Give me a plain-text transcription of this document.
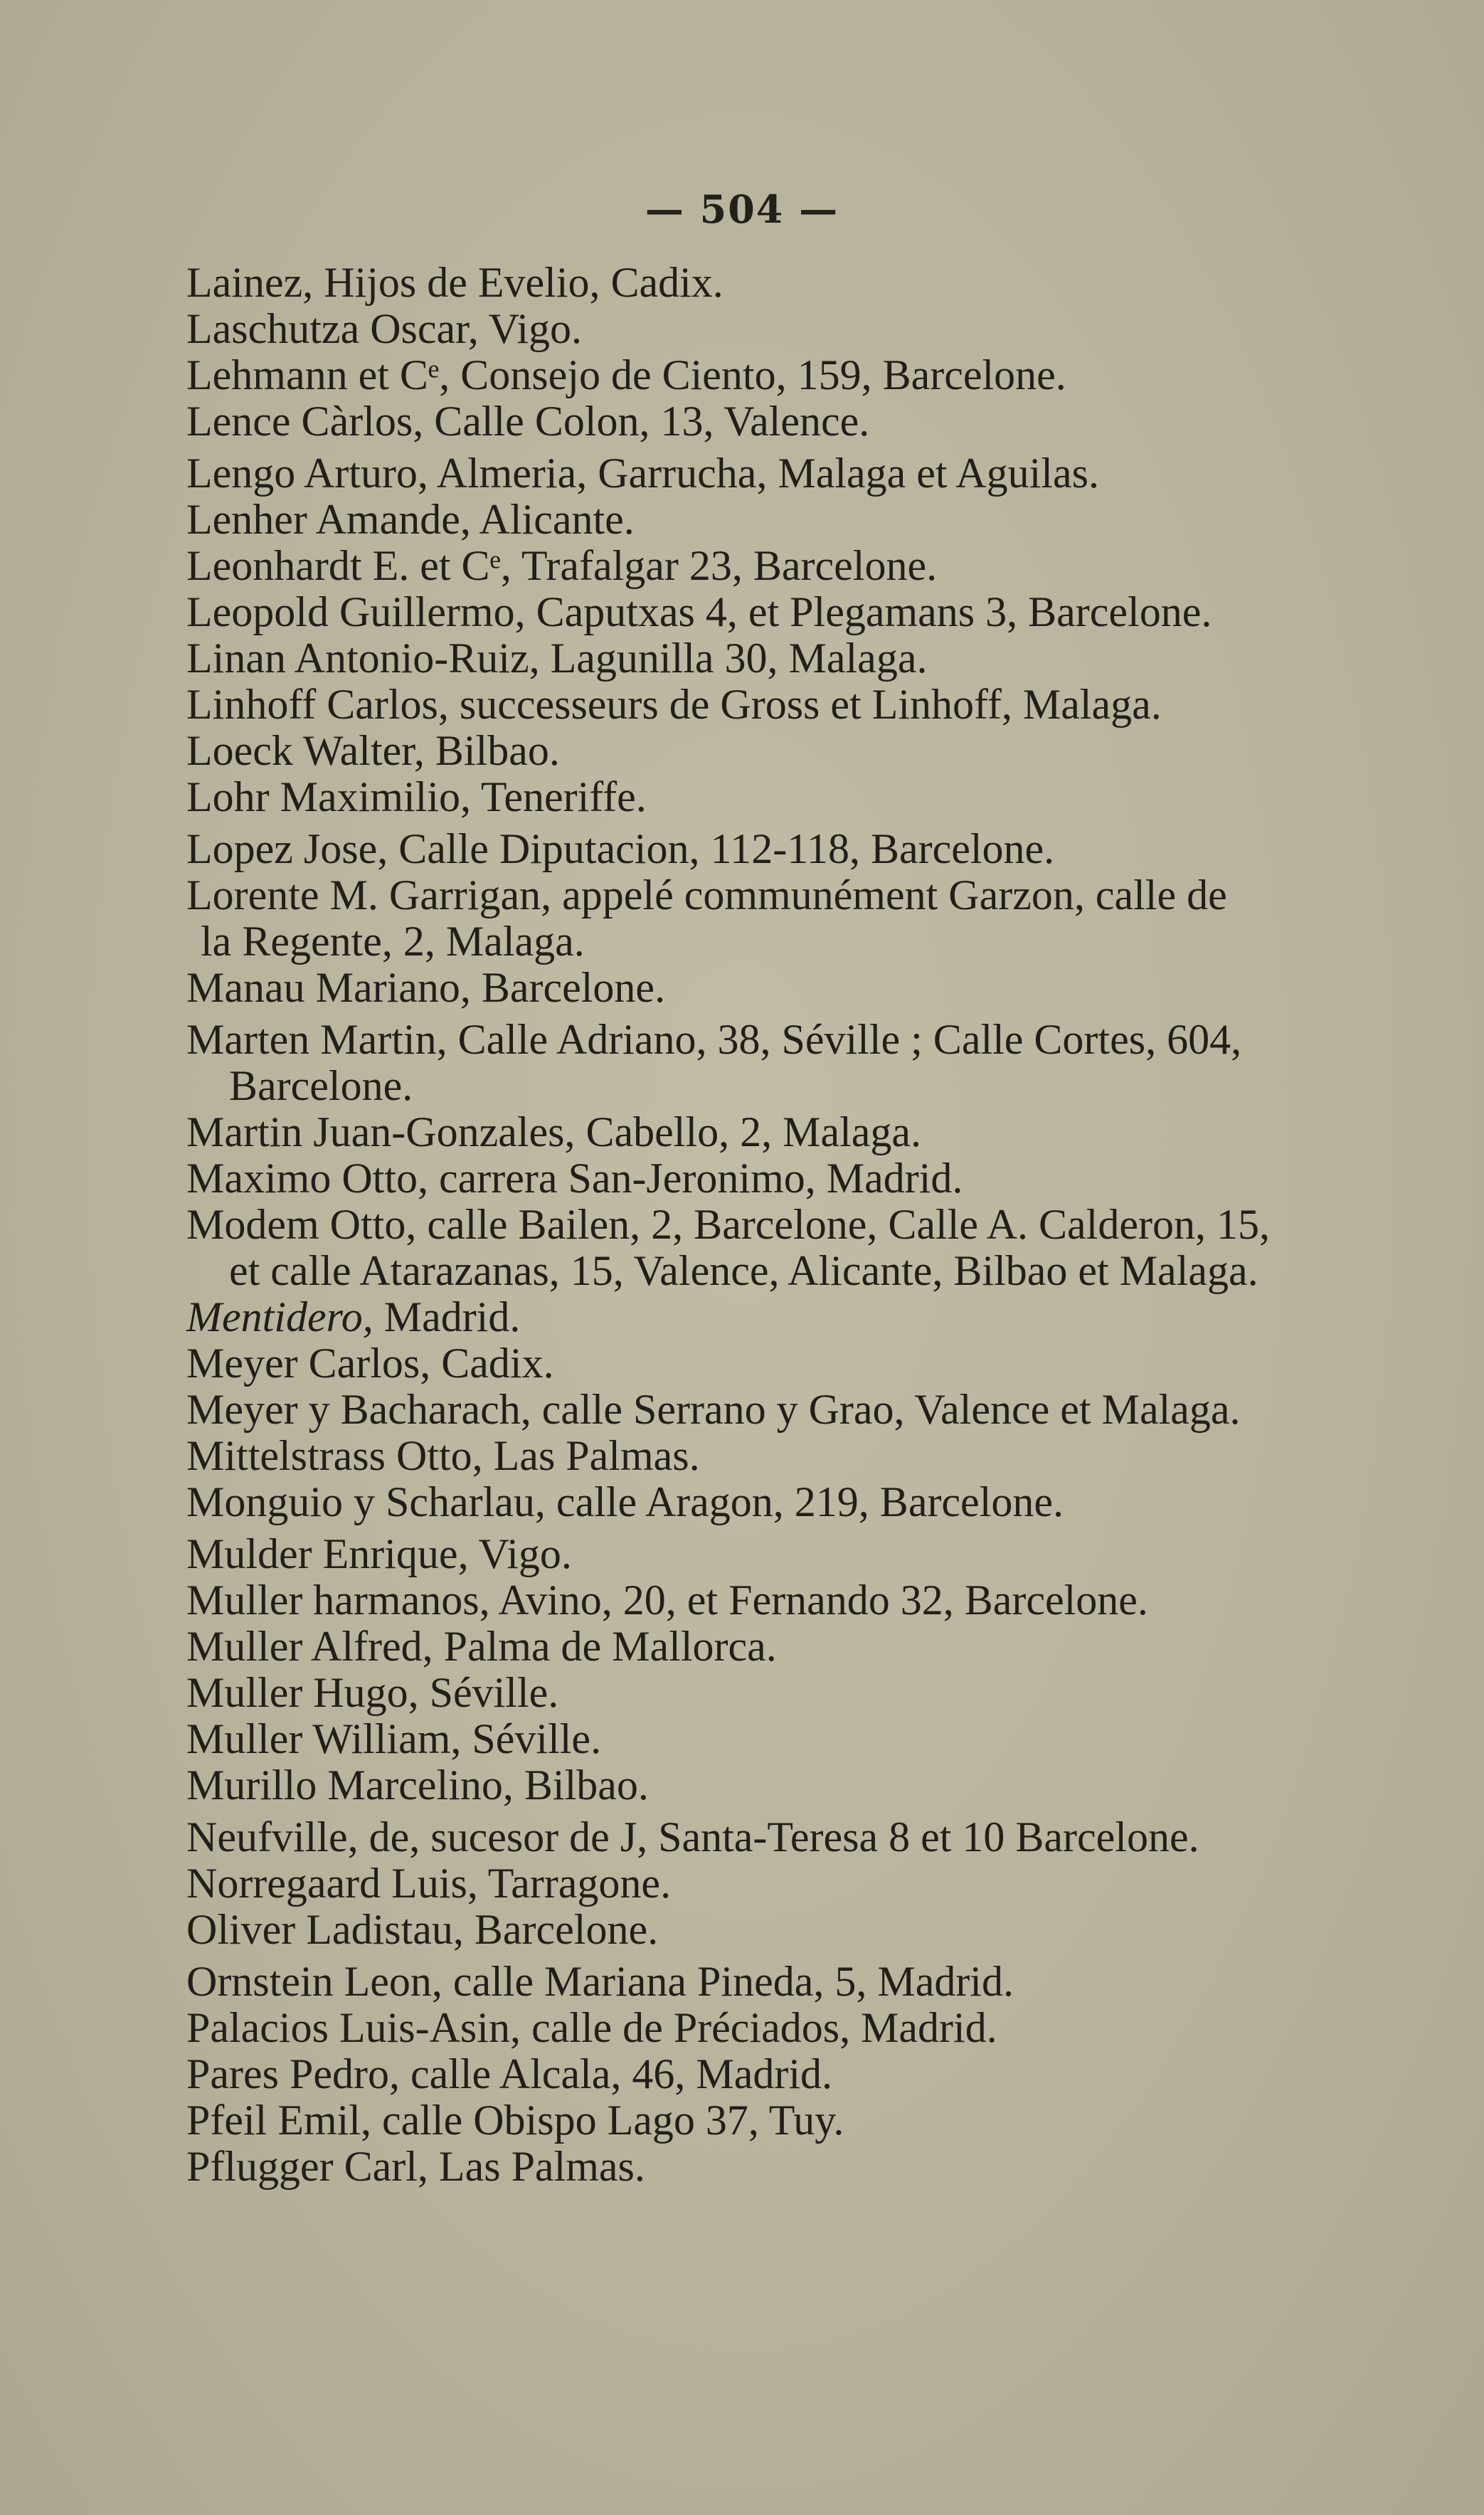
— 504 —
Lainez, Hijos de Evelio, Cadix.
Laschutza Oscar, Vigo.
Lehmann et Cᵉ, Consejo de Ciento, 159, Barcelone.
Lence Càrlos, Calle Colon, 13, Valence.
Lengo Arturo, Almeria, Garrucha, Malaga et Aguilas.
Lenher Amande, Alicante.
Leonhardt E. et Cᵉ, Trafalgar 23, Barcelone.
Leopold Guillermo, Caputxas 4, et Plegamans 3, Barcelone.
Linan Antonio-Ruiz, Lagunilla 30, Malaga.
Linhoff Carlos, successeurs de Gross et Linhoff, Malaga.
Loeck Walter, Bilbao.
Lohr Maximilio, Teneriffe.
Lopez Jose, Calle Diputacion, 112-118, Barcelone.
Lorente M. Garrigan, appelé communément Garzon, calle de
la Regente, 2, Malaga.
Manau Mariano, Barcelone.
Marten Martin, Calle Adriano, 38, Séville ; Calle Cortes, 604,
Barcelone.
Martin Juan-Gonzales, Cabello, 2, Malaga.
Maximo Otto, carrera San-Jeronimo, Madrid.
Modem Otto, calle Bailen, 2, Barcelone, Calle A. Calderon, 15,
et calle Atarazanas, 15, Valence, Alicante, Bilbao et Malaga.
Mentidero, Madrid.
Meyer Carlos, Cadix.
Meyer y Bacharach, calle Serrano y Grao, Valence et Malaga.
Mittelstrass Otto, Las Palmas.
Monguio y Scharlau, calle Aragon, 219, Barcelone.
Mulder Enrique, Vigo.
Muller harmanos, Avino, 20, et Fernando 32, Barcelone.
Muller Alfred, Palma de Mallorca.
Muller Hugo, Séville.
Muller William, Séville.
Murillo Marcelino, Bilbao.
Neufville, de, sucesor de J, Santa-Teresa 8 et 10 Barcelone.
Norregaard Luis, Tarragone.
Oliver Ladistau, Barcelone.
Ornstein Leon, calle Mariana Pineda, 5, Madrid.
Palacios Luis-Asin, calle de Préciados, Madrid.
Pares Pedro, calle Alcala, 46, Madrid.
Pfeil Emil, calle Obispo Lago 37, Tuy.
Pflugger Carl, Las Palmas.
